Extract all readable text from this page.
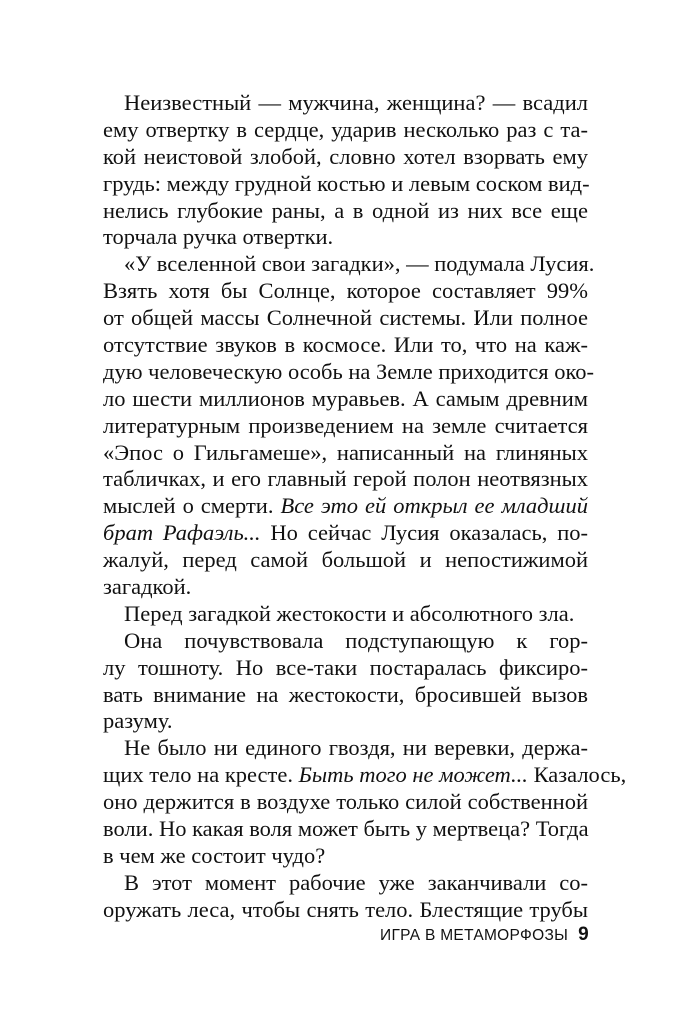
Неизвестный — мужчина, женщина? — всадил
ему отвертку в сердце, ударив несколько раз с та-
кой неистовой злобой, словно хотел взорвать ему
грудь: между грудной костью и левым соском вид-
нелись глубокие раны, а в одной из них все еще
торчала ручка отвертки.
«У вселенной свои загадки», — подумала Лусия.
Взять хотя бы Солнце, которое составляет 99%
от общей массы Солнечной системы. Или полное
отсутствие звуков в космосе. Или то, что на каж-
дую человеческую особь на Земле приходится око-
ло шести миллионов муравьев. А самым древним
литературным произведением на земле считается
«Эпос о Гильгамеше», написанный на глиняных
табличках, и его главный герой полон неотвязных
мыслей о смерти. Все это ей открыл ее младший
брат Рафаэль... Но сейчас Лусия оказалась, по-
жалуй, перед самой большой и непостижимой
загадкой.
Перед загадкой жестокости и абсолютного зла.
Она почувствовала подступающую к гор-
лу тошноту. Но все-таки постаралась фиксиро-
вать внимание на жестокости, бросившей вызов
разуму.
Не было ни единого гвоздя, ни веревки, держа-
щих тело на кресте. Быть того не может... Казалось,
оно держится в воздухе только силой собственной
воли. Но какая воля может быть у мертвеца? Тогда
в чем же состоит чудо?
В этот момент рабочие уже заканчивали со-
оружать леса, чтобы снять тело. Блестящие трубы
ИГРА В МЕТАМОРФОЗЫ 9
